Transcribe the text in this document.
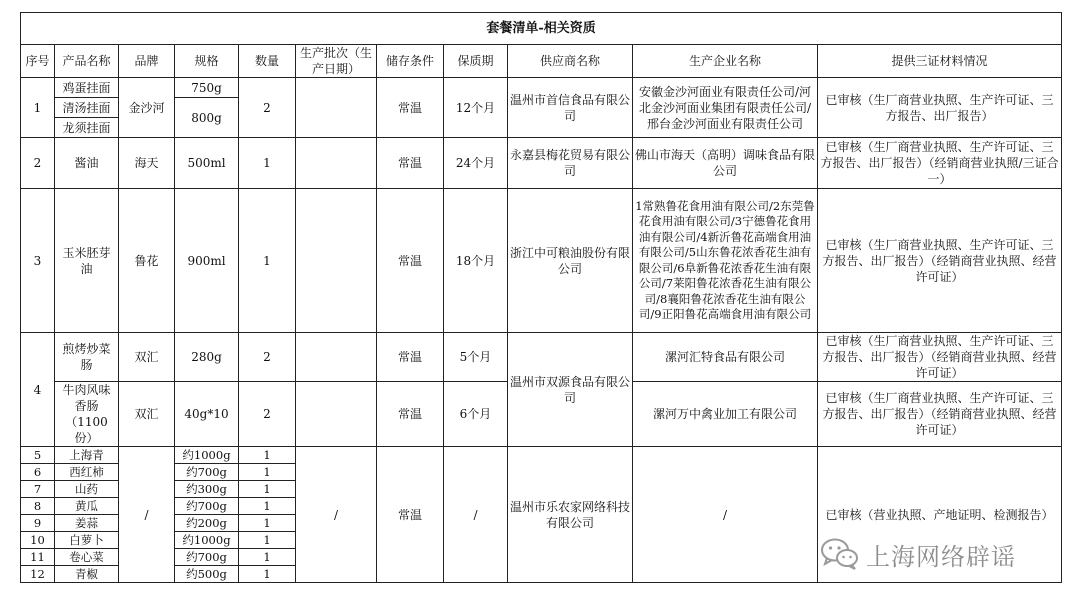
套餐清单-相关资质										
序号	产品名称	品牌	规格	数量	生产批次（生产日期）	储存条件	保质期	供应商名称	生产企业名称	提供三证材料情况
1	鸡蛋挂面	金沙河	750g	2		常温	12个月	温州市首信食品有限公司	安徽金沙河面业有限责任公司/河北金沙河面业集团有限责任公司/邢台金沙河面业有限责任公司	已审核（生厂商营业执照、生产许可证、三方报告、出厂报告）
	清汤挂面		800g							
	龙须挂面									
2	酱油	海天	500ml	1		常温	24个月	永嘉县梅花贸易有限公司	佛山市海天（高明）调味食品有限公司	已审核（生厂商营业执照、生产许可证、三方报告、出厂报告）（经销商营业执照/三证合一）
3	玉米胚芽油	鲁花	900ml	1		常温	18个月	浙江中可粮油股份有限公司	1常熟鲁花食用油有限公司/2东莞鲁花食用油有限公司/3宁德鲁花食用油有限公司/4新沂鲁花高端食用油有限公司/5山东鲁花浓香花生油有限公司/6阜新鲁花浓香花生油有限公司/7莱阳鲁花浓香花生油有限公司/8襄阳鲁花浓香花生油有限公司/9正阳鲁花高端食用油有限公司	已审核（生厂商营业执照、生产许可证、三方报告、出厂报告）（经销商营业执照、经营许可证）
4	煎烤炒菜肠	双汇	280g	2		常温	5个月	温州市双源食品有限公司	漯河汇特食品有限公司	已审核（生厂商营业执照、生产许可证、三方报告、出厂报告）（经销商营业执照、经营许可证）
	牛肉风味香肠（1100份）	双汇	40g*10	2		常温	6个月		漯河万中禽业加工有限公司	已审核（生厂商营业执照、生产许可证、三方报告、出厂报告）（经销商营业执照、经营许可证）
5	上海青	/	约1000g	1	/	常温	/	温州市乐农家网络科技有限公司	/	已审核（营业执照、产地证明、检测报告）
6	西红柿		约700g	1						
7	山药		约300g	1						
8	黄瓜		约700g	1						
9	姜蒜		约200g	1						
10	白萝卜		约1000g	1						
11	卷心菜		约700g	1						
12	青椒		约500g	1						
上海网络辟谣
